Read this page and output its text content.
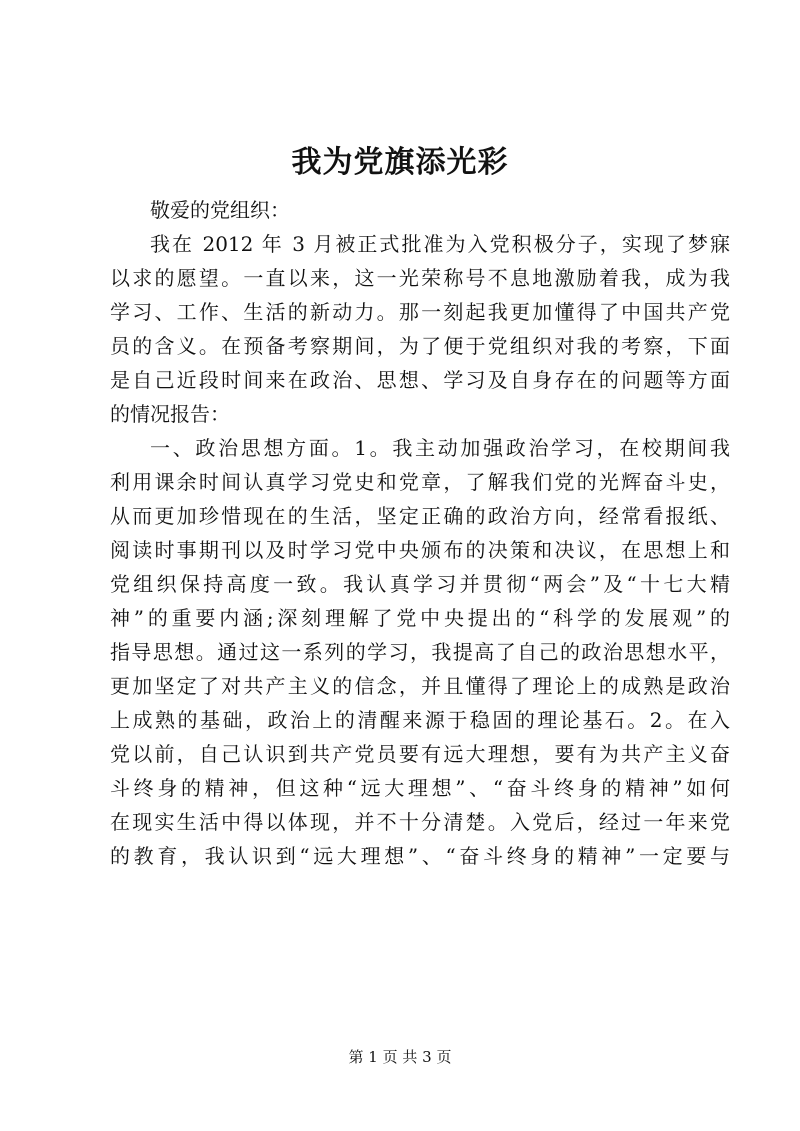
我为党旗添光彩
敬爱的党组织：
我在 2012 年 3 月被正式批准为入党积极分子，实现了梦寐
以求的愿望。一直以来，这一光荣称号不息地激励着我，成为我
学习、工作、生活的新动力。那一刻起我更加懂得了中国共产党
员的含义。在预备考察期间，为了便于党组织对我的考察，下面
是自己近段时间来在政治、思想、学习及自身存在的问题等方面
的情况报告：
一、政治思想方面。1。我主动加强政治学习，在校期间我
利用课余时间认真学习党史和党章，了解我们党的光辉奋斗史，
从而更加珍惜现在的生活，坚定正确的政治方向，经常看报纸、
阅读时事期刊以及时学习党中央颁布的决策和决议，在思想上和
党组织保持高度一致。我认真学习并贯彻“两会”及“十七大精
神”的重要内涵;深刻理解了党中央提出的“科学的发展观”的
指导思想。通过这一系列的学习，我提高了自己的政治思想水平，
更加坚定了对共产主义的信念，并且懂得了理论上的成熟是政治
上成熟的基础，政治上的清醒来源于稳固的理论基石。2。在入
党以前，自己认识到共产党员要有远大理想，要有为共产主义奋
斗终身的精神，但这种“远大理想”、“奋斗终身的精神”如何
在现实生活中得以体现，并不十分清楚。入党后，经过一年来党
的教育，我认识到“远大理想”、“奋斗终身的精神”一定要与
第 1 页 共 3 页
